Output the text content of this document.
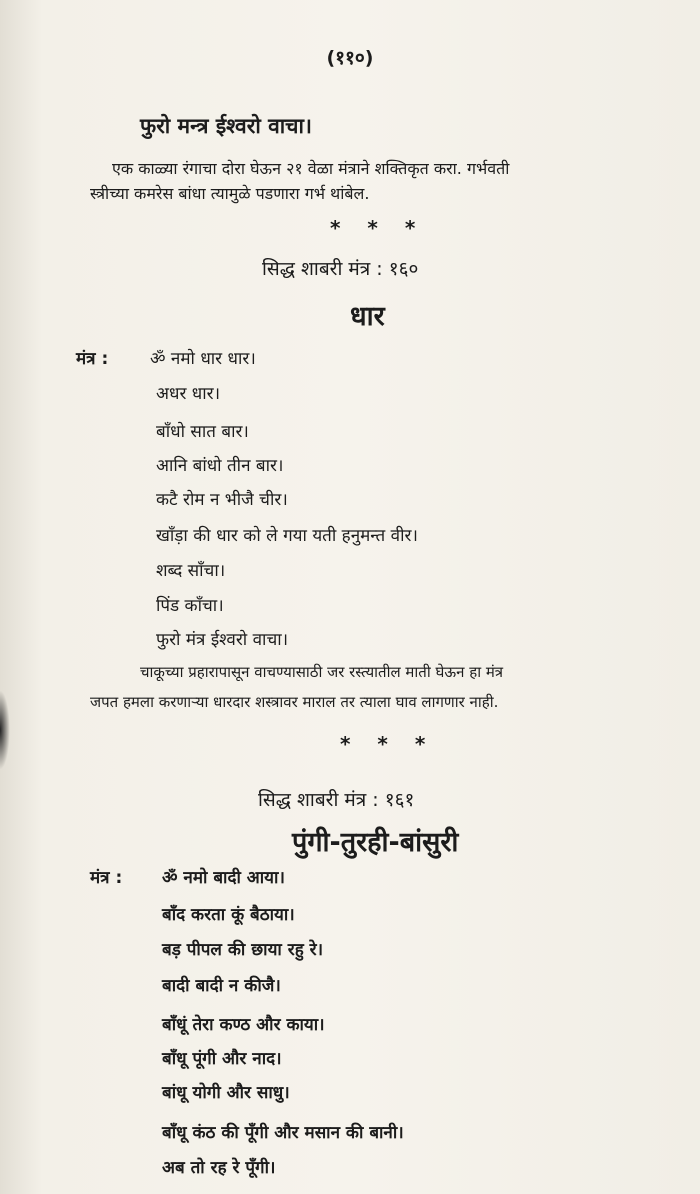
(११०)
फुरो मन्त्र ईश्वरो वाचा।
एक काळ्या रंगाचा दोरा घेऊन २१ वेळा मंत्राने शक्तिकृत करा. गर्भवती
स्त्रीच्या कमरेस बांधा त्यामुळे पडणारा गर्भ थांबेल.
* * *
सिद्ध शाबरी मंत्र : १६०
धार
मंत्र : ॐ नमो धार धार।
अधर धार।
बाँधो सात बार।
आनि बांधो तीन बार।
कटै रोम न भीजै चीर।
खाँड़ा की धार को ले गया यती हनुमन्त वीर।
शब्द साँचा।
पिंड काँचा।
फुरो मंत्र ईश्वरो वाचा।
चाकूच्या प्रहारापासून वाचण्यासाठी जर रस्त्यातील माती घेऊन हा मंत्र
जपत हमला करणाऱ्या धारदार शस्त्रावर माराल तर त्याला घाव लागणार नाही.
* * *
सिद्ध शाबरी मंत्र : १६१
पुंगी-तुरही-बांसुरी
मंत्र : ॐ नमो बादी आया।
बाँद करता कूं बैठाया।
बड़ पीपल की छाया रहु रे।
बादी बादी न कीजै।
बाँधूं तेरा कण्ठ और काया।
बाँधू पूंगी और नाद।
बांधू योगी और साधु।
बाँधू कंठ की पूँगी और मसान की बानी।
अब तो रह रे पूँगी।
